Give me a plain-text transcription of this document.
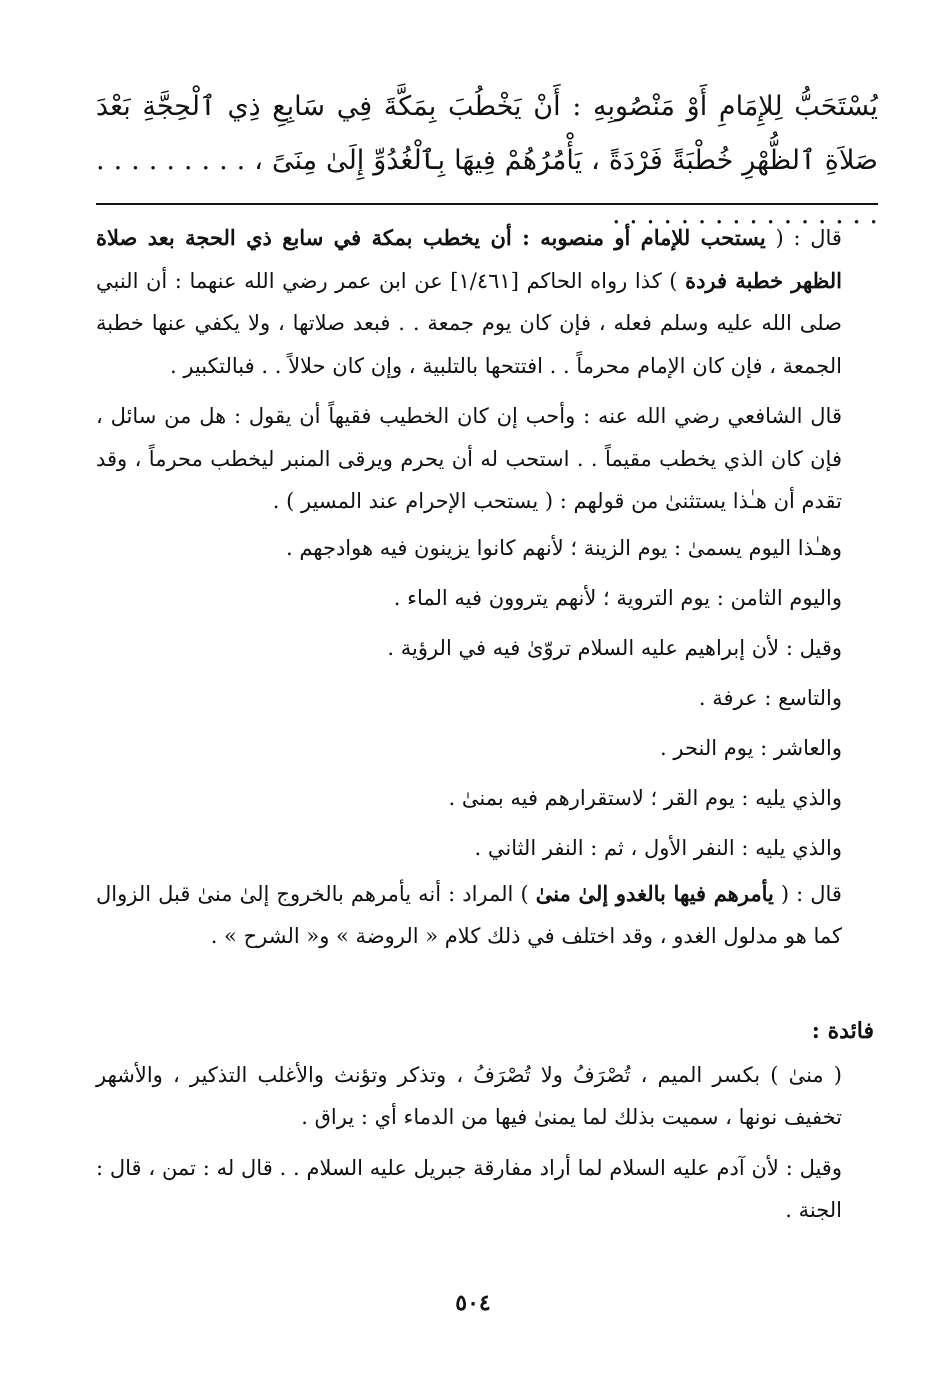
يُسْتَحَبُّ لِلإِمَامِ أَوْ مَنْصُوبِهِ : أَنْ يَخْطُبَ بِمَكَّةَ فِي سَابِعِ ذِي ٱلْحِجَّةِ بَعْدَ صَلاَةِ ٱلظُّهْرِ خُطْبَةً فَرْدَةً ، يَأْمُرُهُمْ فِيهَا بِٱلْغُدُوِّ إِلَىٰ مِنَىً ، . . . . . . . . . . . . . . . . . . . . . . . . .

قال : ( يستحب للإمام أو منصوبه : أن يخطب بمكة في سابع ذي الحجة بعد صلاة الظهر خطبة فردة ) كذا رواه الحاكم [١/٤٦١] عن ابن عمر رضي الله عنهما : أن النبي صلى الله عليه وسلم فعله ، فإن كان يوم جمعة . . فبعد صلاتها ، ولا يكفي عنها خطبة الجمعة ، فإن كان الإمام محرماً . . افتتحها بالتلبية ، وإن كان حلالاً . . فبالتكبير .

قال الشافعي رضي الله عنه : وأحب إن كان الخطيب فقيهاً أن يقول : هل من سائل ، فإن كان الذي يخطب مقيماً . . استحب له أن يحرم ويرقى المنبر ليخطب محرماً ، وقد تقدم أن هـٰذا يستثنىٰ من قولهم : ( يستحب الإحرام عند المسير ) .

وهـٰذا اليوم يسمىٰ : يوم الزينة ؛ لأنهم كانوا يزينون فيه هوادجهم .

واليوم الثامن : يوم التروية ؛ لأنهم يتروون فيه الماء .

وقيل : لأن إبراهيم عليه السلام تروّىٰ فيه في الرؤية .

والتاسع : عرفة .

والعاشر : يوم النحر .

والذي يليه : يوم القر ؛ لاستقرارهم فيه بمنىٰ .

والذي يليه : النفر الأول ، ثم : النفر الثاني .

قال : ( يأمرهم فيها بالغدو إلىٰ منىٰ ) المراد : أنه يأمرهم بالخروج إلىٰ منىٰ قبل الزوال كما هو مدلول الغدو ، وقد اختلف في ذلك كلام « الروضة » و« الشرح » .

فائدة :

( منىٰ ) بكسر الميم ، تُصْرَفُ ولا تُصْرَفُ ، وتذكر وتؤنث والأغلب التذكير ، والأشهر تخفيف نونها ، سميت بذلك لما يمنىٰ فيها من الدماء أي : يراق .

وقيل : لأن آدم عليه السلام لما أراد مفارقة جبريل عليه السلام . . قال له : تمن ، قال : الجنة .

٥٠٤
